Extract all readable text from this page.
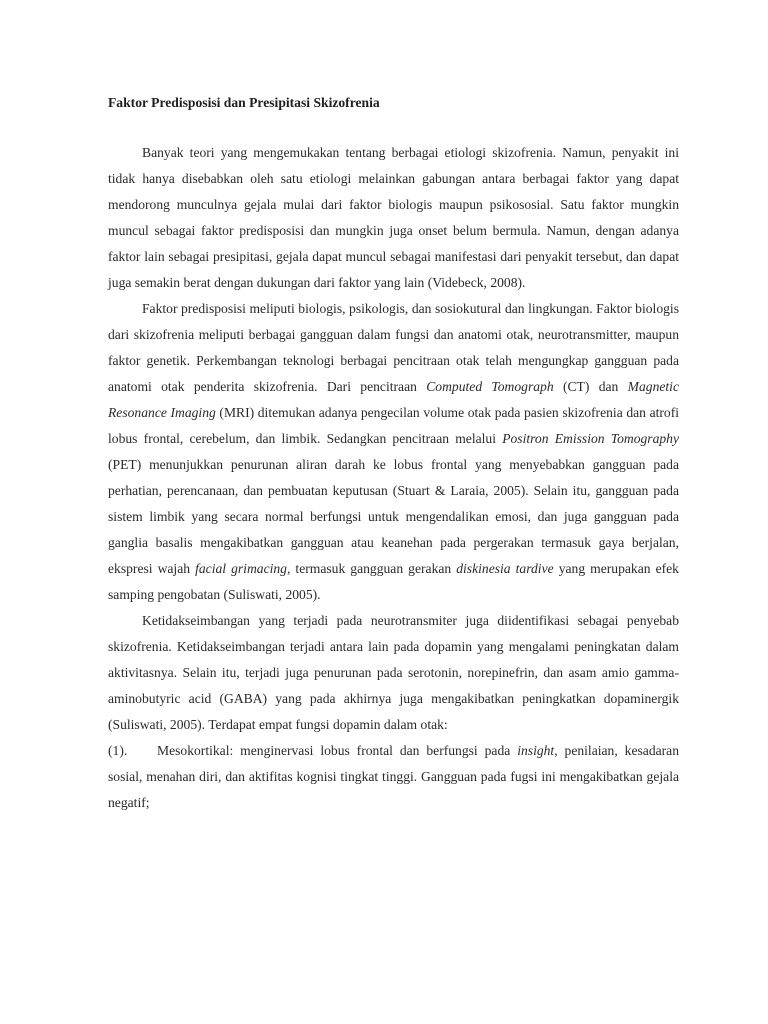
Faktor Predisposisi dan Presipitasi Skizofrenia

Banyak teori yang mengemukakan tentang berbagai etiologi skizofrenia. Namun, penyakit ini tidak hanya disebabkan oleh satu etiologi melainkan gabungan antara berbagai faktor yang dapat mendorong munculnya gejala mulai dari faktor biologis maupun psikososial. Satu faktor mungkin muncul sebagai faktor predisposisi dan mungkin juga onset belum bermula. Namun, dengan adanya faktor lain sebagai presipitasi, gejala dapat muncul sebagai manifestasi dari penyakit tersebut, dan dapat juga semakin berat dengan dukungan dari faktor yang lain (Videbeck, 2008).

Faktor predisposisi meliputi biologis, psikologis, dan sosiokutural dan lingkungan. Faktor biologis dari skizofrenia meliputi berbagai gangguan dalam fungsi dan anatomi otak, neurotransmitter, maupun faktor genetik. Perkembangan teknologi berbagai pencitraan otak telah mengungkap gangguan pada anatomi otak penderita skizofrenia. Dari pencitraan Computed Tomograph (CT) dan Magnetic Resonance Imaging (MRI) ditemukan adanya pengecilan volume otak pada pasien skizofrenia dan atrofi lobus frontal, cerebelum, dan limbik. Sedangkan pencitraan melalui Positron Emission Tomography (PET) menunjukkan penurunan aliran darah ke lobus frontal yang menyebabkan gangguan pada perhatian, perencanaan, dan pembuatan keputusan (Stuart & Laraia, 2005). Selain itu, gangguan pada sistem limbik yang secara normal berfungsi untuk mengendalikan emosi, dan juga gangguan pada ganglia basalis mengakibatkan gangguan atau keanehan pada pergerakan termasuk gaya berjalan, ekspresi wajah facial grimacing, termasuk gangguan gerakan diskinesia tardive yang merupakan efek samping pengobatan (Suliswati, 2005).

Ketidakseimbangan yang terjadi pada neurotransmiter juga diidentifikasi sebagai penyebab skizofrenia. Ketidakseimbangan terjadi antara lain pada dopamin yang mengalami peningkatan dalam aktivitasnya. Selain itu, terjadi juga penurunan pada serotonin, norepinefrin, dan asam amio gamma-aminobutyric acid (GABA) yang pada akhirnya juga mengakibatkan peningkatkan dopaminergik (Suliswati, 2005). Terdapat empat fungsi dopamin dalam otak:

(1). Mesokortikal: menginervasi lobus frontal dan berfungsi pada insight, penilaian, kesadaran sosial, menahan diri, dan aktifitas kognisi tingkat tinggi. Gangguan pada fugsi ini mengakibatkan gejala negatif;
